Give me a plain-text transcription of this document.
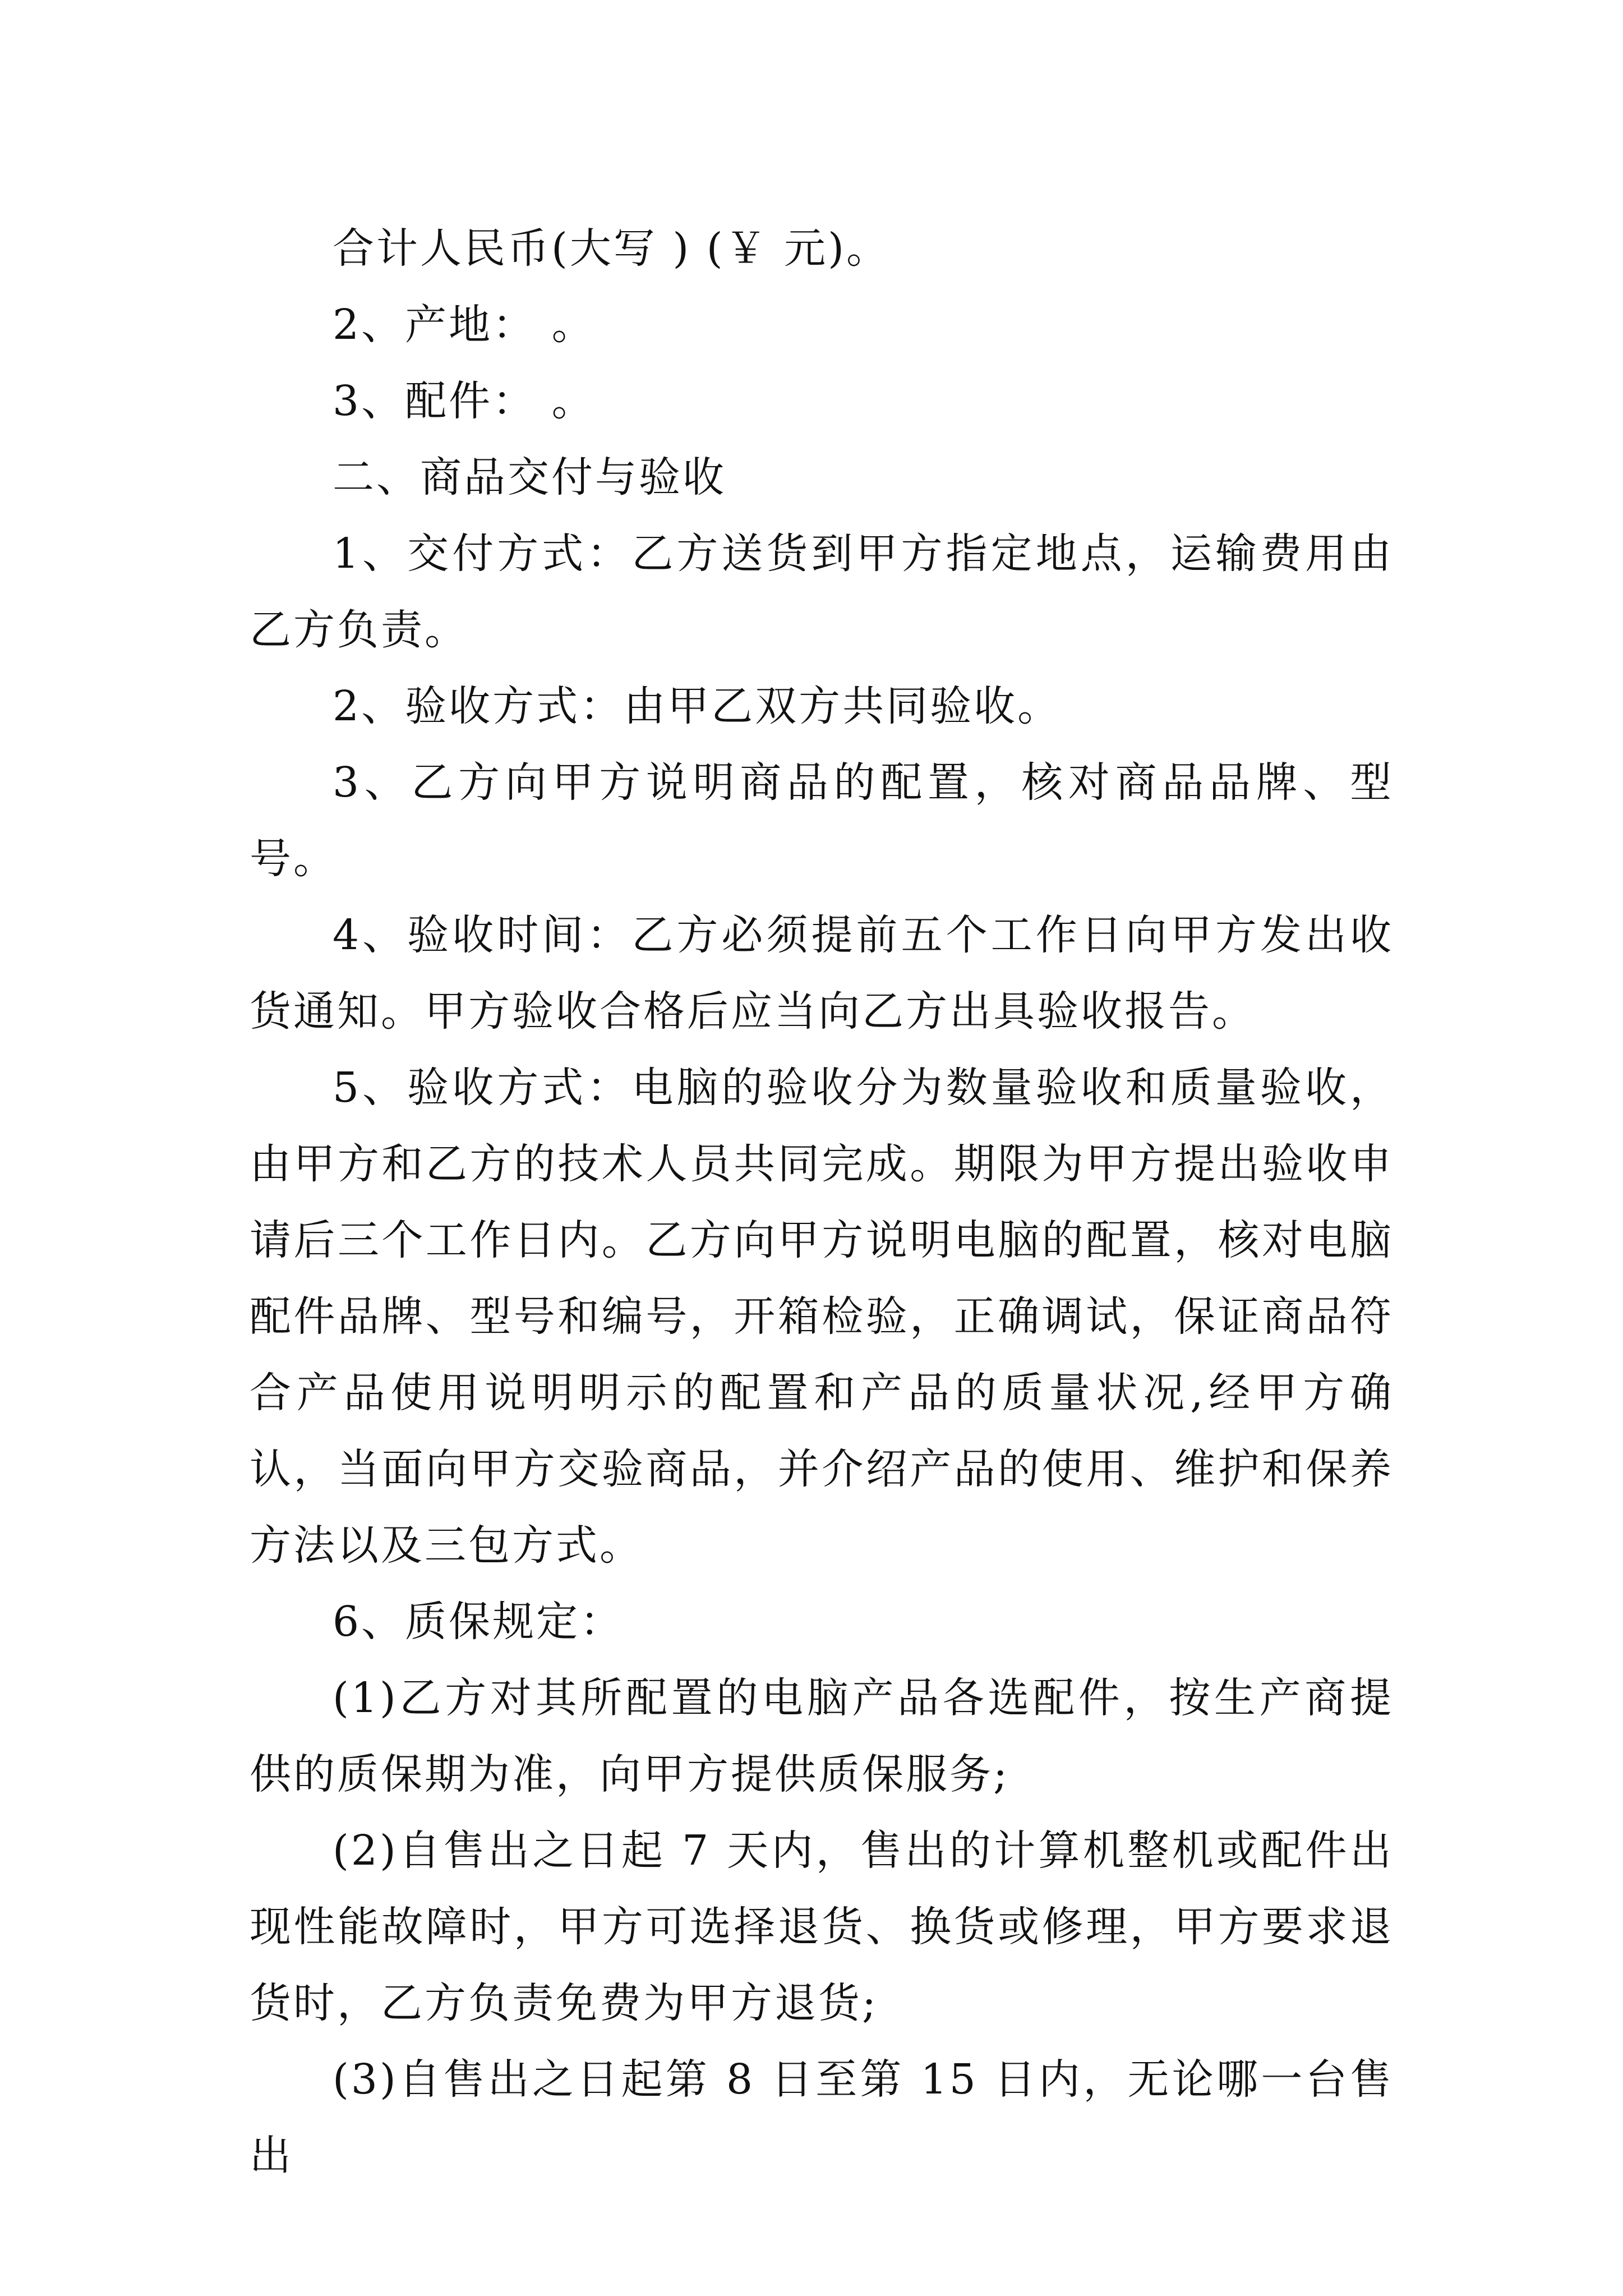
合计人民币(大写 ) (￥ 元)。

2、产地： 。

3、配件： 。

二、商品交付与验收

1、交付方式：乙方送货到甲方指定地点，运输费用由乙方负责。

2、验收方式：由甲乙双方共同验收。

3、乙方向甲方说明商品的配置，核对商品品牌、型号。

4、验收时间：乙方必须提前五个工作日向甲方发出收货通知。甲方验收合格后应当向乙方出具验收报告。

5、验收方式：电脑的验收分为数量验收和质量验收，由甲方和乙方的技术人员共同完成。期限为甲方提出验收申请后三个工作日内。乙方向甲方说明电脑的配置，核对电脑配件品牌、型号和编号，开箱检验，正确调试，保证商品符合产品使用说明明示的配置和产品的质量状况,经甲方确认，当面向甲方交验商品，并介绍产品的使用、维护和保养方法以及三包方式。

6、质保规定：

(1)乙方对其所配置的电脑产品各选配件，按生产商提供的质保期为准，向甲方提供质保服务;

(2)自售出之日起 7 天内，售出的计算机整机或配件出现性能故障时，甲方可选择退货、换货或修理，甲方要求退货时，乙方负责免费为甲方退货;

(3)自售出之日起第 8 日至第 15 日内，无论哪一台售出
